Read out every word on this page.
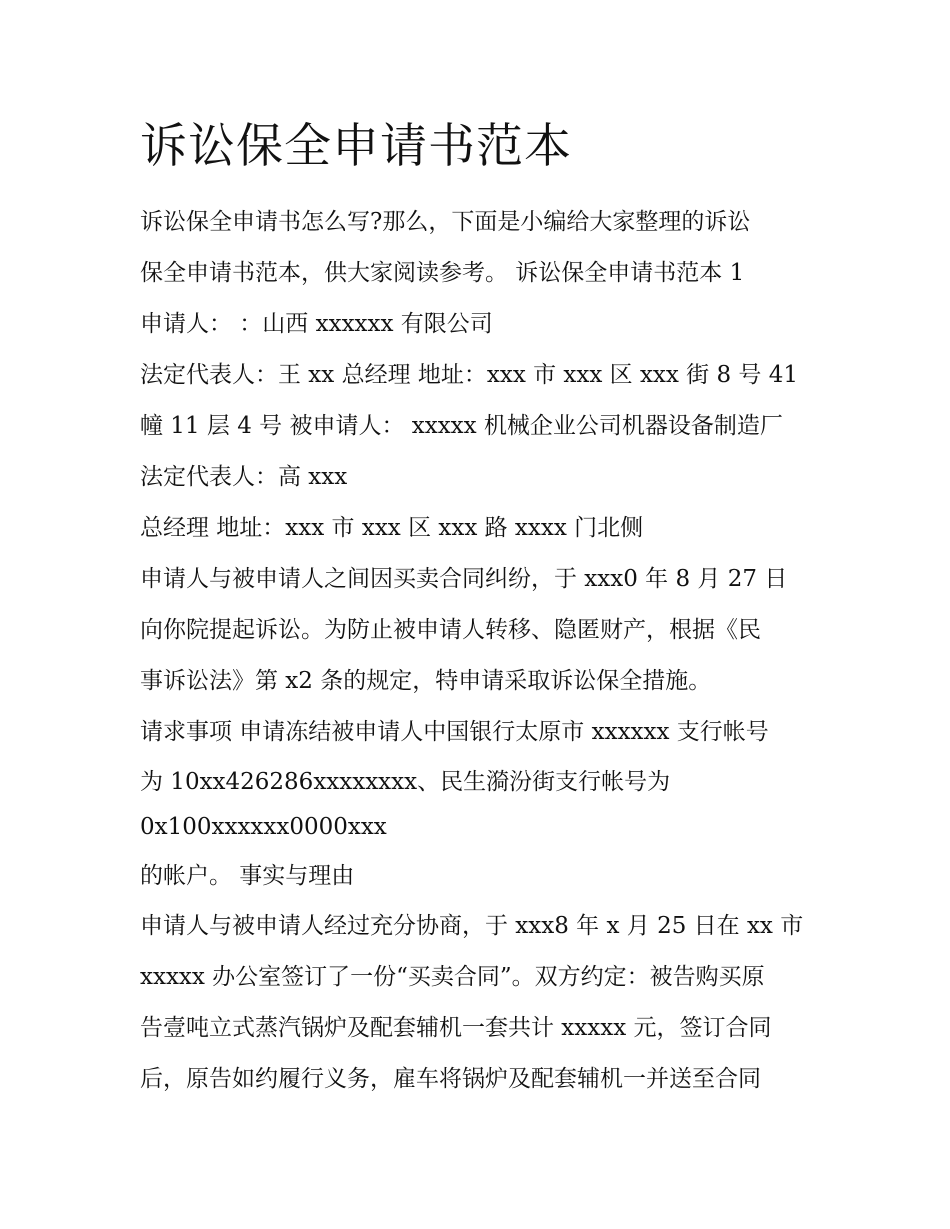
诉讼保全申请书范本

诉讼保全申请书怎么写?那么，下面是小编给大家整理的诉讼

保全申请书范本，供大家阅读参考。 诉讼保全申请书范本 1

申请人： ：山西 xxxxxx 有限公司

法定代表人：王 xx 总经理 地址：xxx 市 xxx 区 xxx 街 8 号 41

幢 11 层 4 号 被申请人： xxxxx 机械企业公司机器设备制造厂

法定代表人：高 xxx

总经理 地址：xxx 市 xxx 区 xxx 路 xxxx 门北侧

申请人与被申请人之间因买卖合同纠纷，于 xxx0 年 8 月 27 日

向你院提起诉讼。为防止被申请人转移、隐匿财产，根据《民

事诉讼法》第 x2 条的规定，特申请采取诉讼保全措施。

请求事项 申请冻结被申请人中国银行太原市 xxxxxx 支行帐号

为 10xx426286xxxxxxxx、民生漪汾街支行帐号为

0x100xxxxxx0000xxx

的帐户。 事实与理由

申请人与被申请人经过充分协商，于 xxx8 年 x 月 25 日在 xx 市

xxxxx 办公室签订了一份“买卖合同”。双方约定：被告购买原

告壹吨立式蒸汽锅炉及配套辅机一套共计 xxxxx 元，签订合同

后，原告如约履行义务，雇车将锅炉及配套辅机一并送至合同
